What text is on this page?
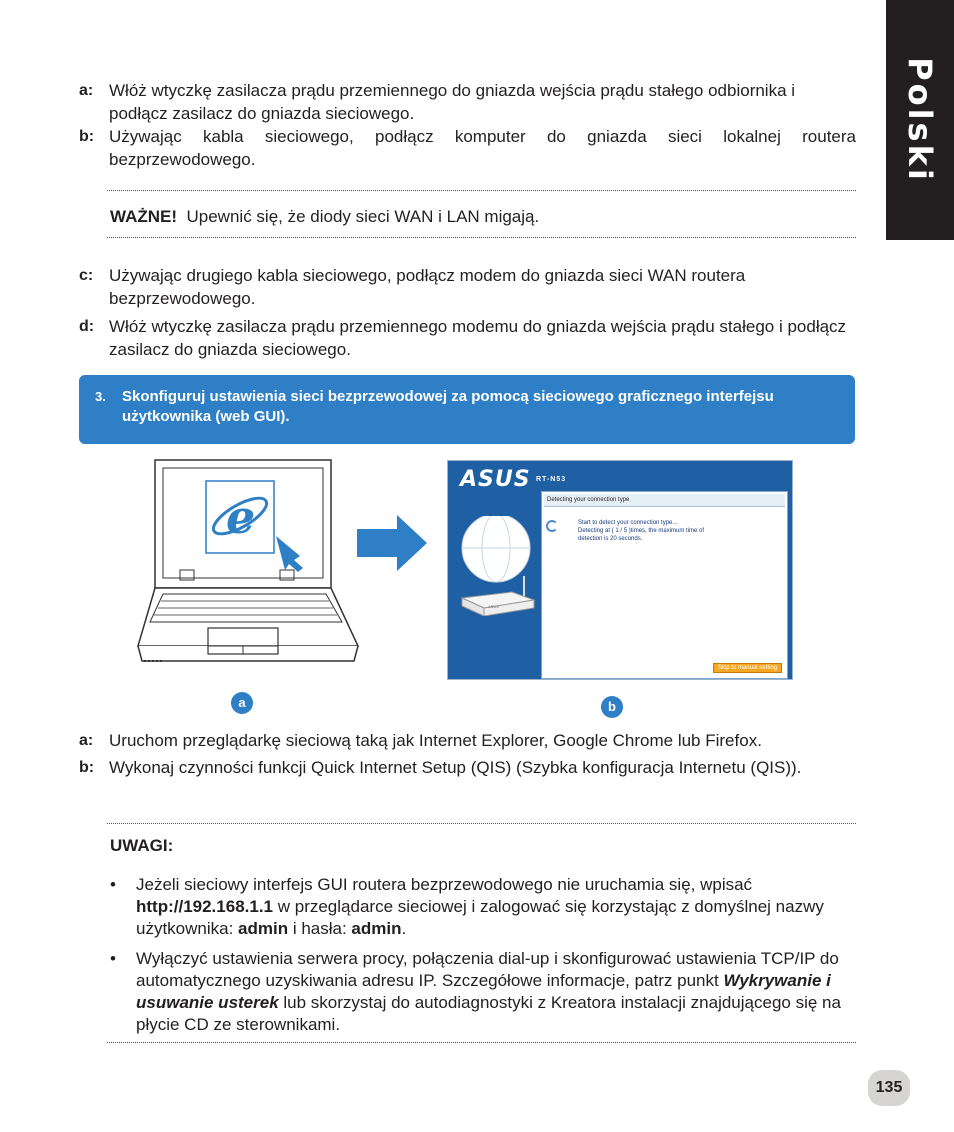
Polski
a: Włóż wtyczkę zasilacza prądu przemiennego do gniazda wejścia prądu stałego odbiornika i podłącz zasilacz do gniazda sieciowego.
b: Używając kabla sieciowego, podłącz komputer do gniazda sieci lokalnej routera bezprzewodowego.
WAŻNE! Upewnić się, że diody sieci WAN i LAN migają.
c: Używając drugiego kabla sieciowego, podłącz modem do gniazda sieci WAN routera bezprzewodowego.
d: Włóż wtyczkę zasilacza prądu przemiennego modemu do gniazda wejścia prądu stałego i podłącz zasilacz do gniazda sieciowego.
3. Skonfiguruj ustawienia sieci bezprzewodowej za pomocą sieciowego graficznego interfejsu użytkownika (web GUI).
e
ASUS RT-N53
ASUS
Detecting your connection type
Start to detect your connection type...
Detecting at ( 1 / 5 )times, the maximum time of
detection is 20 seconds.
Skip to manual setting
a	b
a: Uruchom przeglądarkę sieciową taką jak Internet Explorer, Google Chrome lub Firefox.
b: Wykonaj czynności funkcji Quick Internet Setup (QIS) (Szybka konfiguracja Internetu (QIS)).
UWAGI:
• Jeżeli sieciowy interfejs GUI routera bezprzewodowego nie uruchamia się, wpisać http://192.168.1.1 w przeglądarce sieciowej i zalogować się korzystając z domyślnej nazwy użytkownika: admin i hasła: admin.
• Wyłączyć ustawienia serwera procy, połączenia dial-up i skonfigurować ustawienia TCP/IP do automatycznego uzyskiwania adresu IP. Szczegółowe informacje, patrz punkt Wykrywanie i usuwanie usterek lub skorzystaj do autodiagnostyki z Kreatora instalacji znajdującego się na płycie CD ze sterownikami.
135
